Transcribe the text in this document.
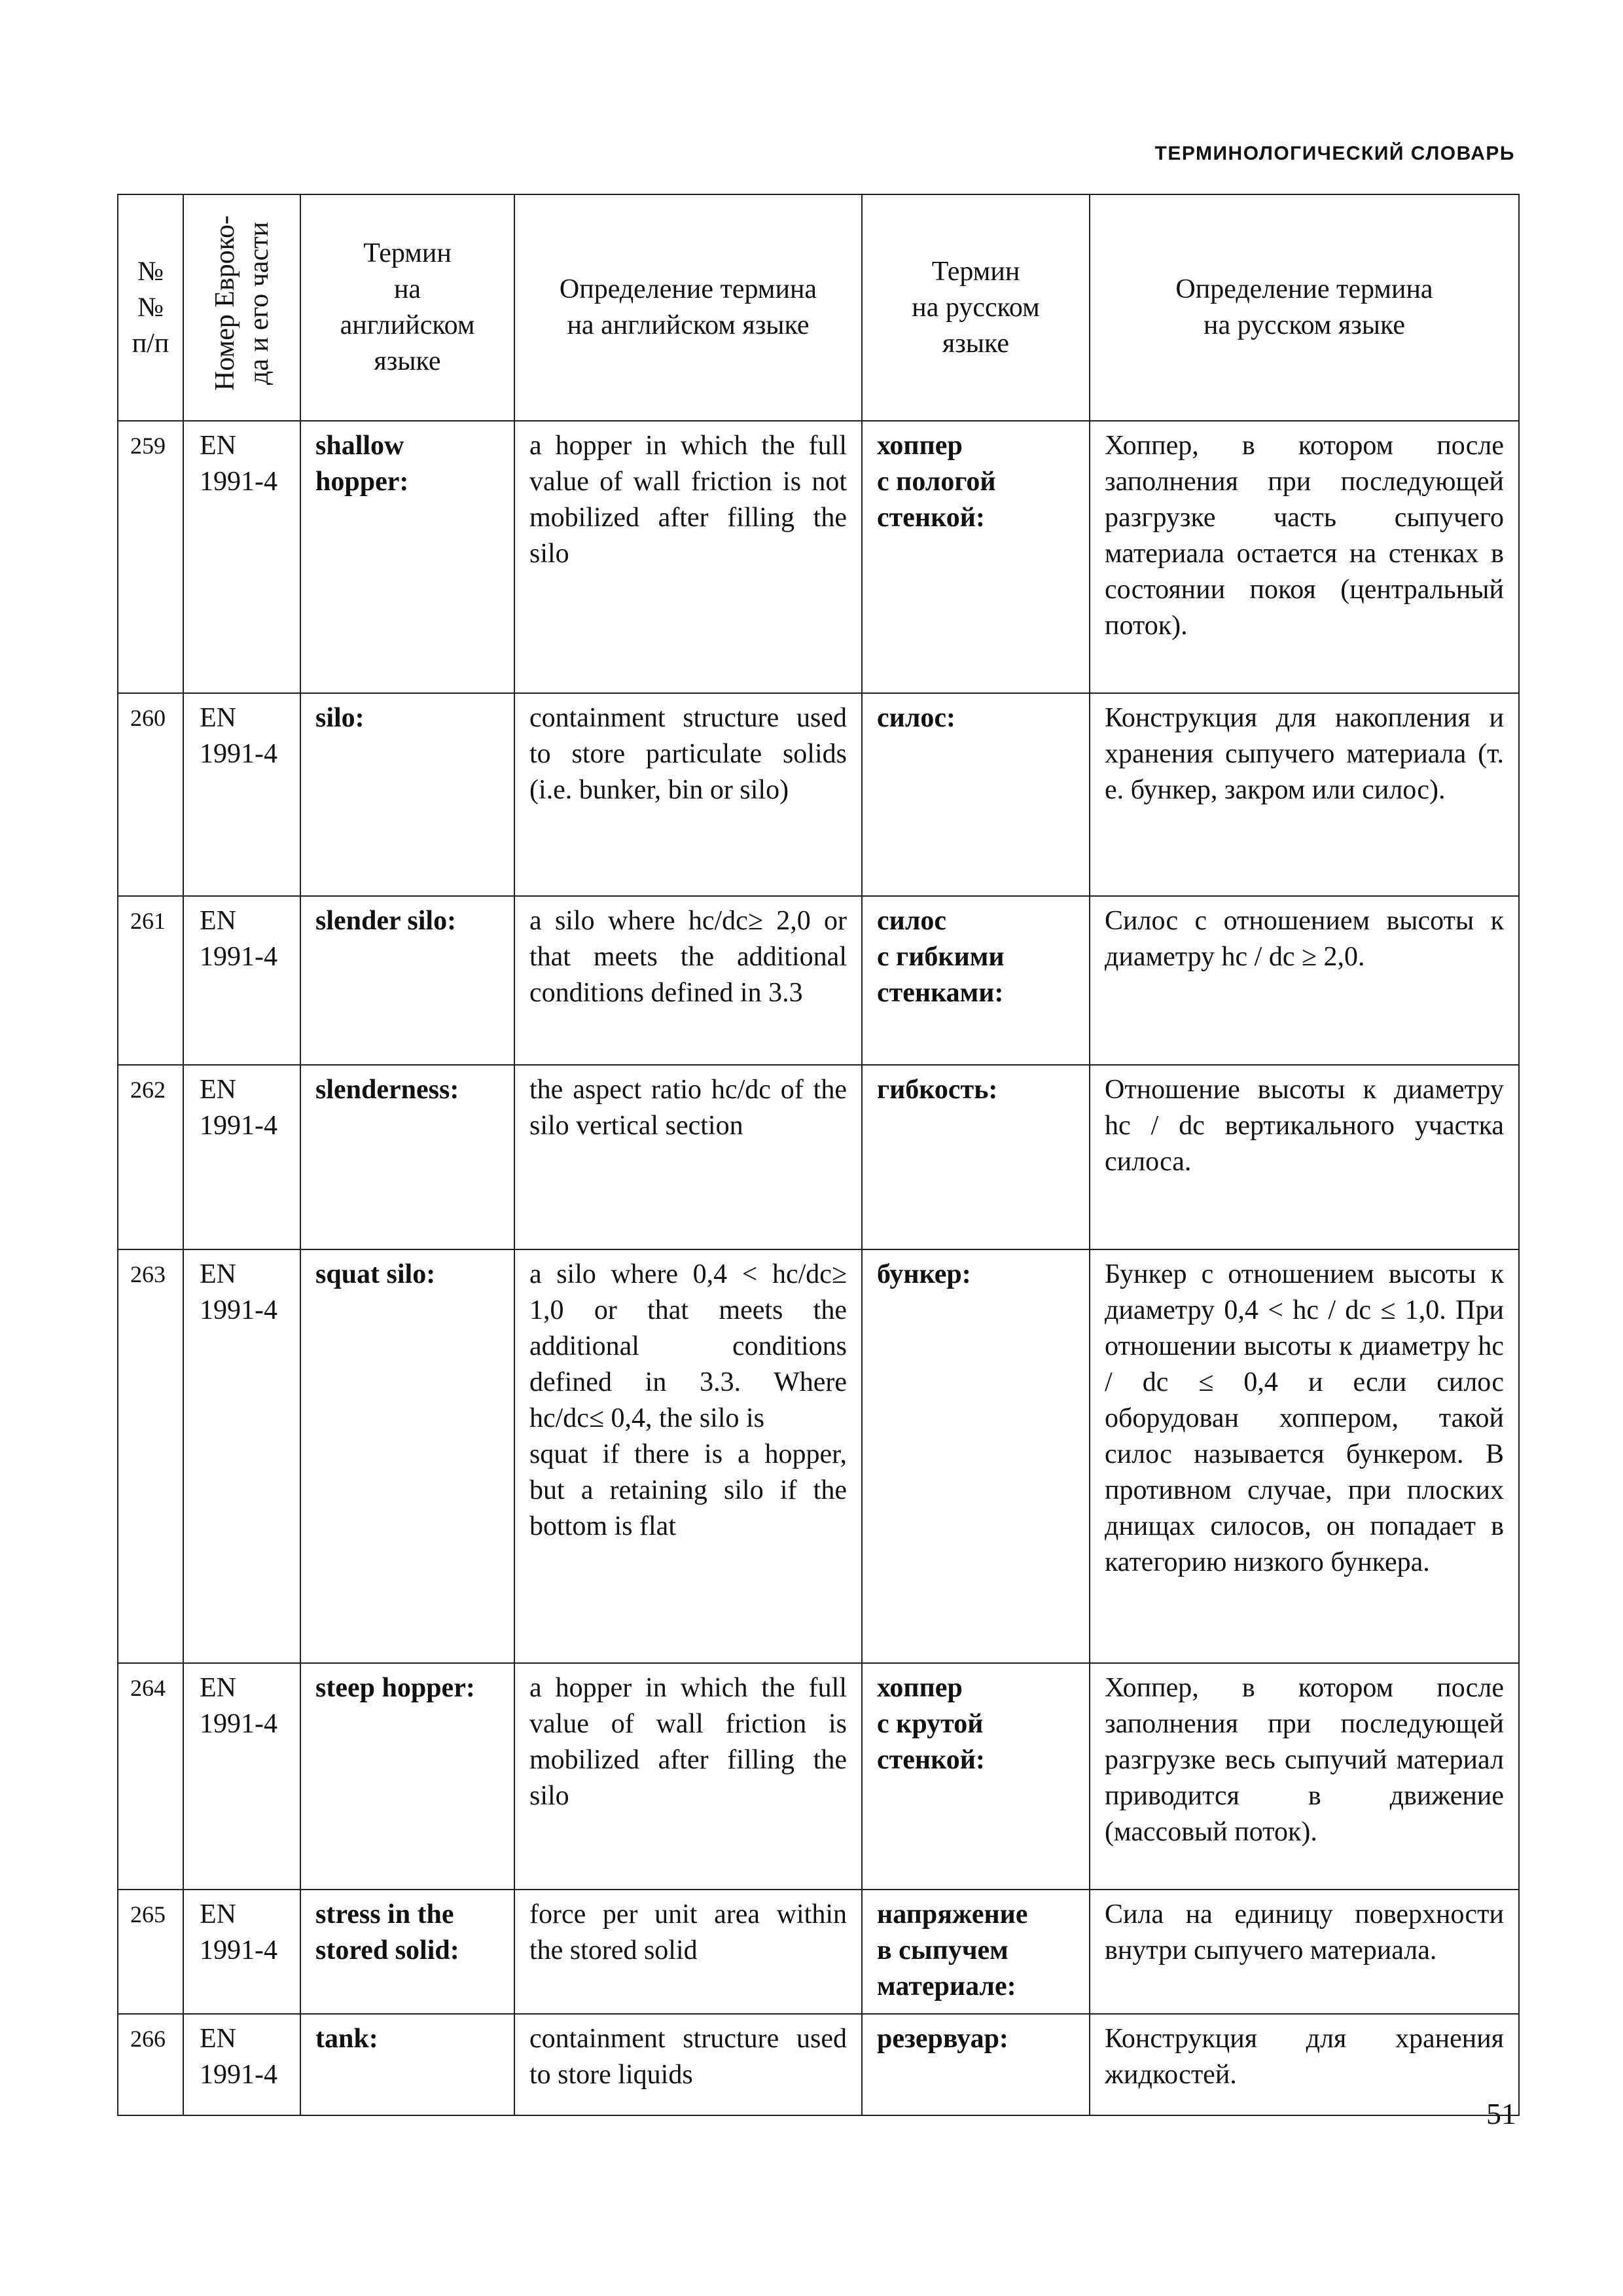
ТЕРМИНОЛОГИЧЕСКИЙ СЛОВАРЬ
№№
п/п	Номер Евроко-
да и его части	Термин
на
английском
языке	Определение термина
на английском языке	Термин
на русском
языке	Определение термина
на русском языке
259	EN
1991-4	shallow hopper:	a hopper in which the full value of wall friction is not mobilized after filling the silo	хоппер
с пологой
стенкой:	Хоппер, в котором после заполнения при последующей разгрузке часть сыпучего материала остается на стенках в состоянии покоя (центральный поток).
260	EN
1991-4	silo:	containment structure used to store particulate solids (i.e. bunker, bin or silo)	силос:	Конструкция для накопления и хранения сыпучего материала (т. е. бункер, закром или силос).
261	EN
1991-4	slender silo:	a silo where hc/dc≥ 2,0 or that meets the additional conditions defined in 3.3	силос
с гибкими
стенками:	Силос с отношением высоты к диаметру hc / dc ≥ 2,0.
262	EN
1991-4	slenderness:	the aspect ratio hc/dc of the silo vertical section	гибкость:	Отношение высоты к диаметру hc / dc вертикального участка силоса.
263	EN
1991-4	squat silo:	a silo where 0,4 < hc/dc≥ 1,0 or that meets the additional conditions defined in 3.3. Where hc/dc≤ 0,4, the silo is
squat if there is a hopper, but a retaining silo if the bottom is flat	бункер:	Бункер с отношением высоты к диаметру 0,4 < hc / dc ≤ 1,0. При отношении высоты к диаметру hc / dc ≤ 0,4 и если силос оборудован хоппером, такой силос называется бункером. В противном случае, при плоских днищах силосов, он попадает в категорию низкого бункера.
264	EN
1991-4	steep hopper:	a hopper in which the full value of wall friction is mobilized after filling the silo	хоппер
с крутой
стенкой:	Хоппер, в котором после заполнения при последующей разгрузке весь сыпучий материал приводится в движение (массовый поток).
265	EN
1991-4	stress in the stored solid:	force per unit area within the stored solid	напряжение
в сыпучем
материале:	Сила на единицу поверхности внутри сыпучего материала.
266	EN
1991-4	tank:	containment structure used to store liquids	резервуар:	Конструкция для хранения жидкостей.
51
